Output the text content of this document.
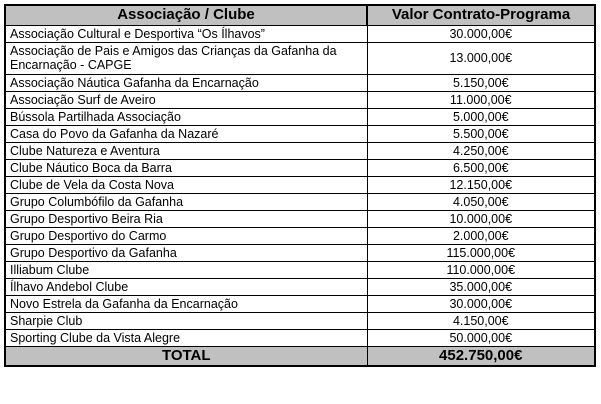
Associação / Clube	Valor Contrato-Programa
Associação Cultural e Desportiva “Os Ílhavos”	30.000,00€
Associação de Pais e Amigos das Crianças da Gafanha da Encarnação - CAPGE	13.000,00€
Associação Náutica Gafanha da Encarnação	5.150,00€
Associação Surf de Aveiro	11.000,00€
Bússola Partilhada Associação	5.000,00€
Casa do Povo da Gafanha da Nazaré	5.500,00€
Clube Natureza e Aventura	4.250,00€
Clube Náutico Boca da Barra	6.500,00€
Clube de Vela da Costa Nova	12.150,00€
Grupo Columbófilo da Gafanha	4.050,00€
Grupo Desportivo Beira Ria	10.000,00€
Grupo Desportivo do Carmo	2.000,00€
Grupo Desportivo da Gafanha	115.000,00€
Illiabum Clube	110.000,00€
Ílhavo Andebol Clube	35.000,00€
Novo Estrela da Gafanha da Encarnação	30.000,00€
Sharpie Club	4.150,00€
Sporting Clube da Vista Alegre	50.000,00€
TOTAL	452.750,00€
